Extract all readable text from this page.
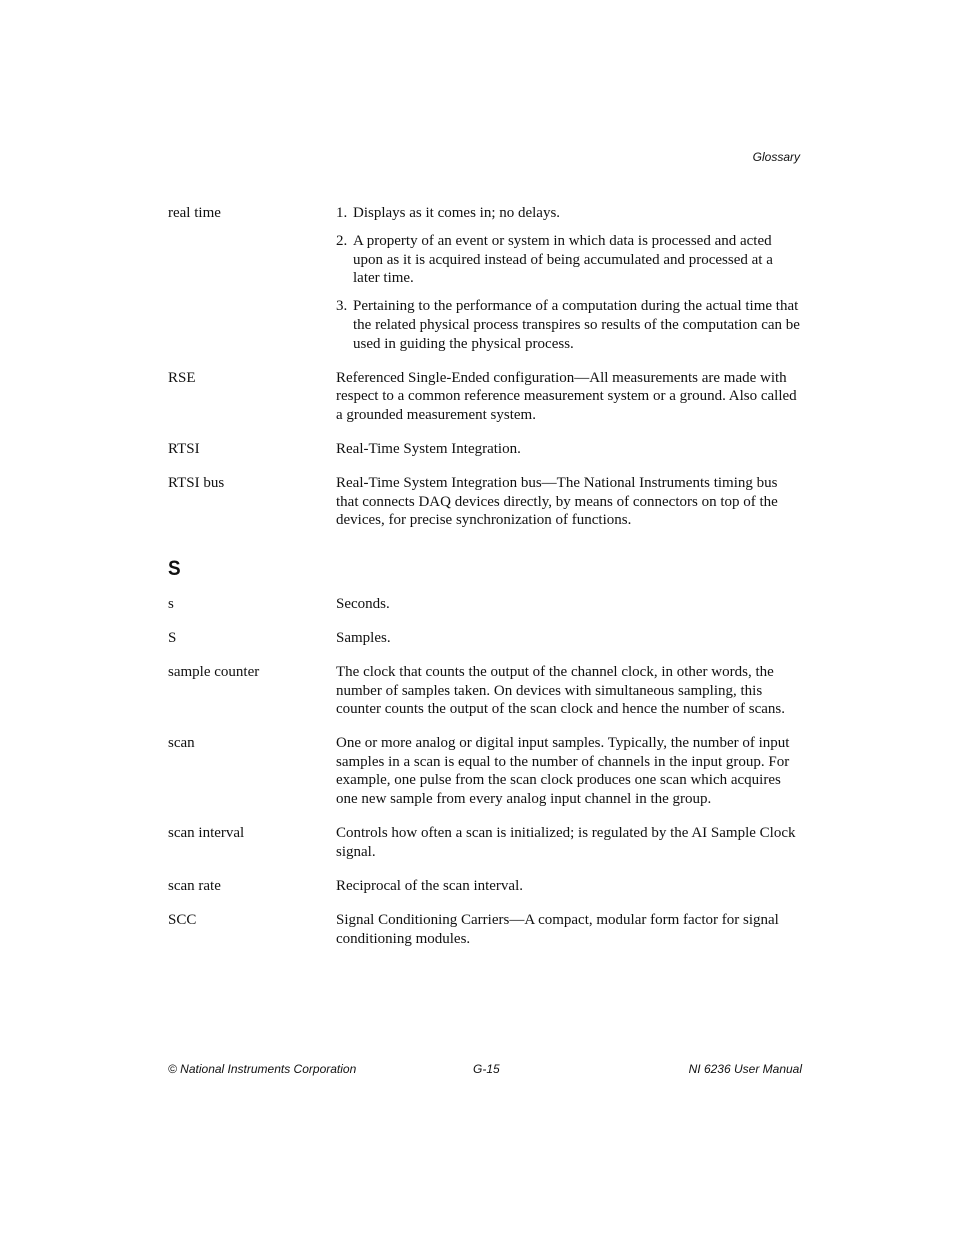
Glossary
real time	1. Displays as it comes in; no delays.
2. A property of an event or system in which data is processed and acted upon as it is acquired instead of being accumulated and processed at a later time.
3. Pertaining to the performance of a computation during the actual time that the related physical process transpires so results of the computation can be used in guiding the physical process.
RSE	Referenced Single-Ended configuration—All measurements are made with respect to a common reference measurement system or a ground. Also called a grounded measurement system.
RTSI	Real-Time System Integration.
RTSI bus	Real-Time System Integration bus—The National Instruments timing bus that connects DAQ devices directly, by means of connectors on top of the devices, for precise synchronization of functions.
S
s	Seconds.
S	Samples.
sample counter	The clock that counts the output of the channel clock, in other words, the number of samples taken. On devices with simultaneous sampling, this counter counts the output of the scan clock and hence the number of scans.
scan	One or more analog or digital input samples. Typically, the number of input samples in a scan is equal to the number of channels in the input group. For example, one pulse from the scan clock produces one scan which acquires one new sample from every analog input channel in the group.
scan interval	Controls how often a scan is initialized; is regulated by the AI Sample Clock signal.
scan rate	Reciprocal of the scan interval.
SCC	Signal Conditioning Carriers—A compact, modular form factor for signal conditioning modules.
© National Instruments Corporation	G-15	NI 6236 User Manual
